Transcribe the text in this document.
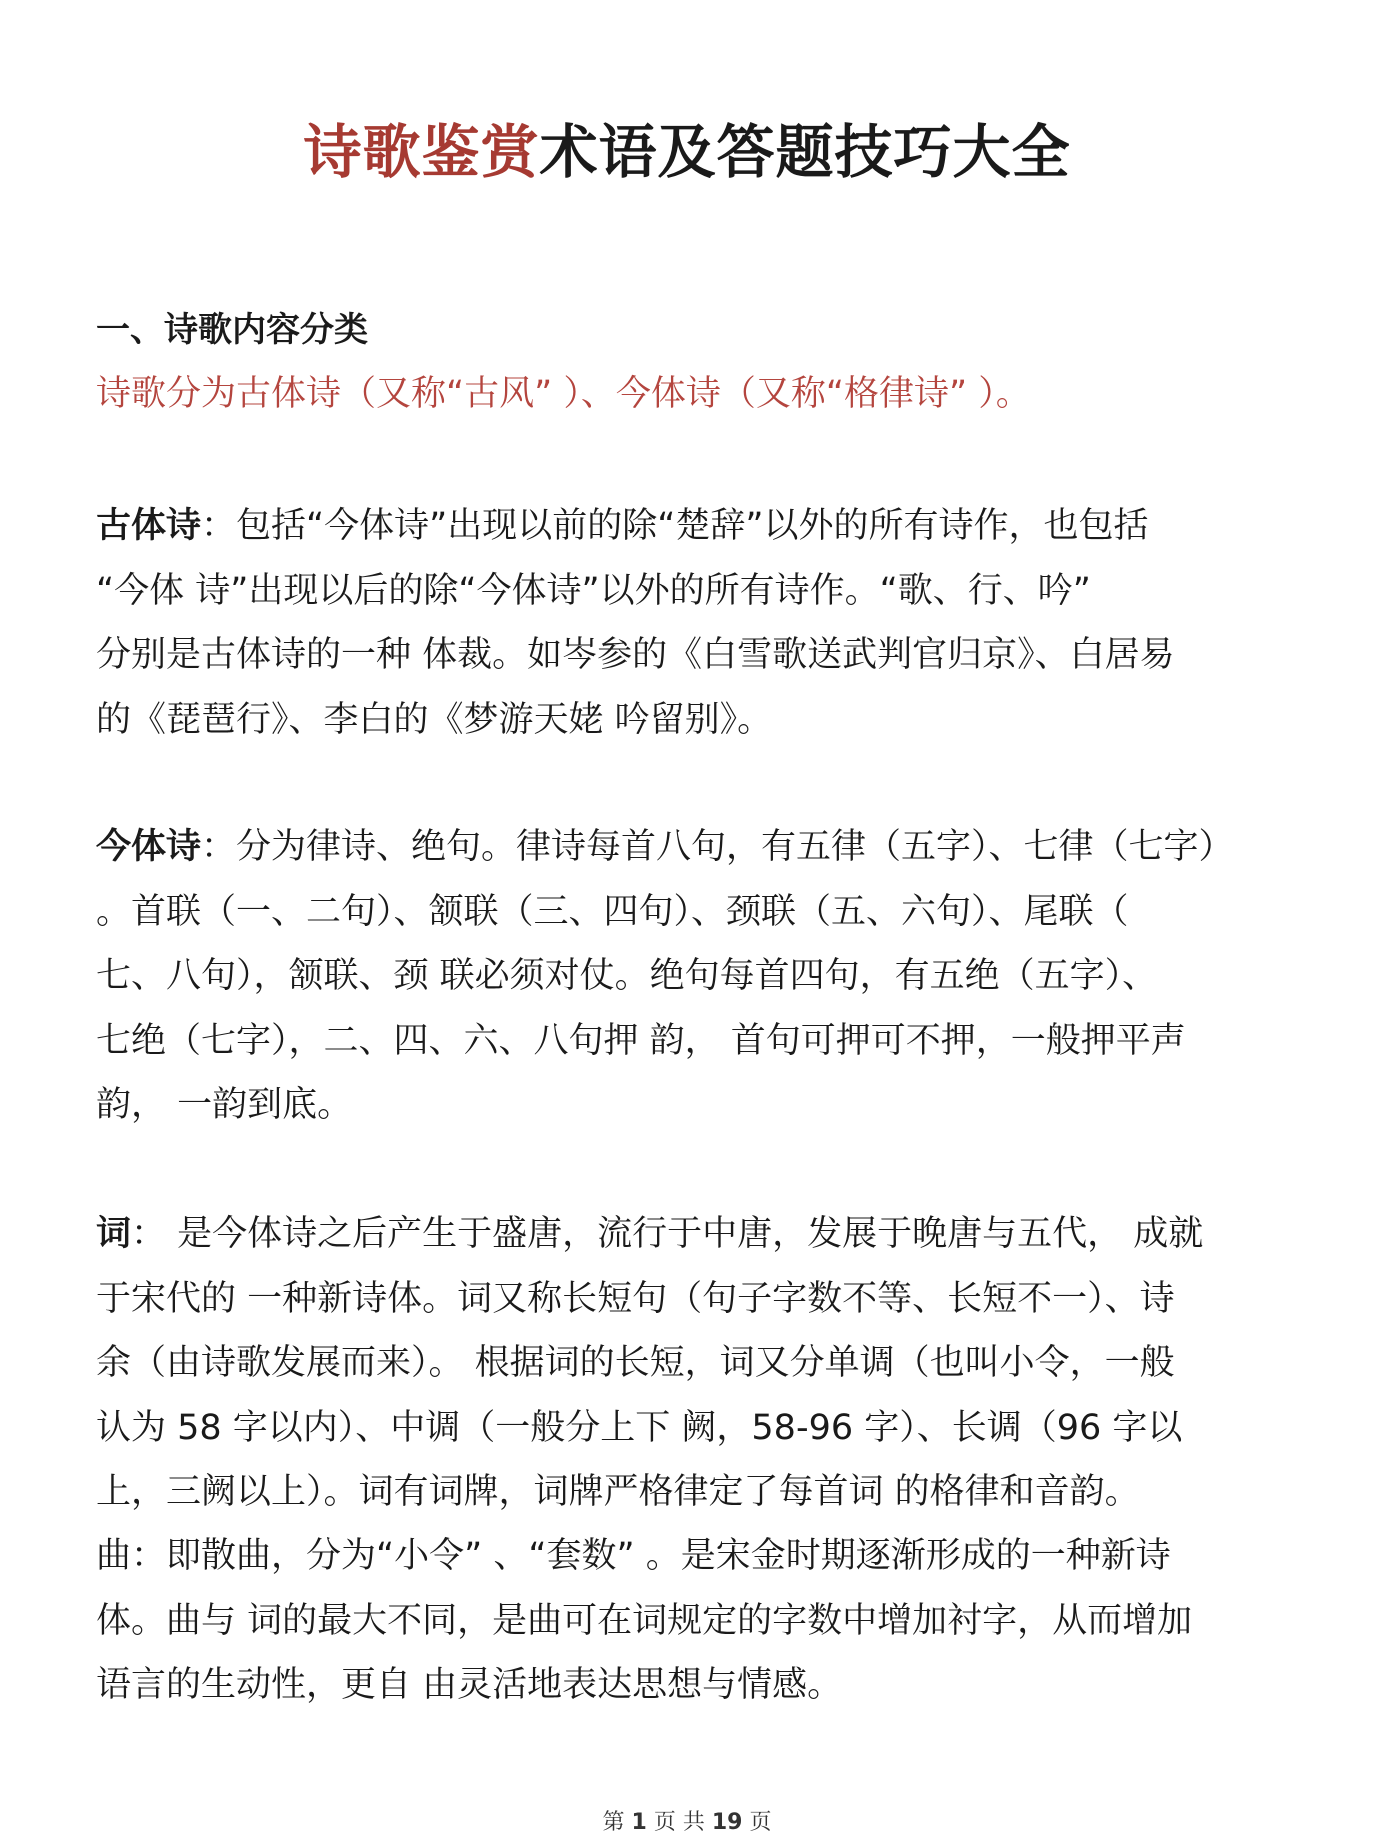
诗歌鉴赏术语及答题技巧大全
一、诗歌内容分类
诗歌分为古体诗（又称“古风” ）、今体诗（又称“格律诗” ）。
古体诗：包括“今体诗”出现以前的除“楚辞”以外的所有诗作，也包括
“今体 诗”出现以后的除“今体诗”以外的所有诗作。“歌、行、吟”
分别是古体诗的一种 体裁。如岑参的《白雪歌送武判官归京》、白居易
的《琵琶行》、李白的《梦游天姥 吟留别》。
今体诗：分为律诗、绝句。律诗每首八句，有五律（五字）、七律（七字）
。首联（一、二句）、颔联（三、四句）、颈联（五、六句）、尾联（
七、八句），颔联、颈 联必须对仗。绝句每首四句，有五绝（五字）、
七绝（七字），二、四、六、八句押 韵， 首句可押可不押，一般押平声
韵， 一韵到底。
词： 是今体诗之后产生于盛唐，流行于中唐，发展于晚唐与五代， 成就
于宋代的 一种新诗体。词又称长短句（句子字数不等、长短不一）、诗
余（由诗歌发展而来）。 根据词的长短，词又分单调（也叫小令，一般
认为 58 字以内）、中调（一般分上下 阙，58-96 字）、长调（96 字以
上，三阙以上）。词有词牌，词牌严格律定了每首词 的格律和音韵。
曲：即散曲，分为“小令” 、“套数” 。是宋金时期逐渐形成的一种新诗
体。曲与 词的最大不同，是曲可在词规定的字数中增加衬字，从而增加
语言的生动性，更自 由灵活地表达思想与情感。
第 1 页 共 19 页
